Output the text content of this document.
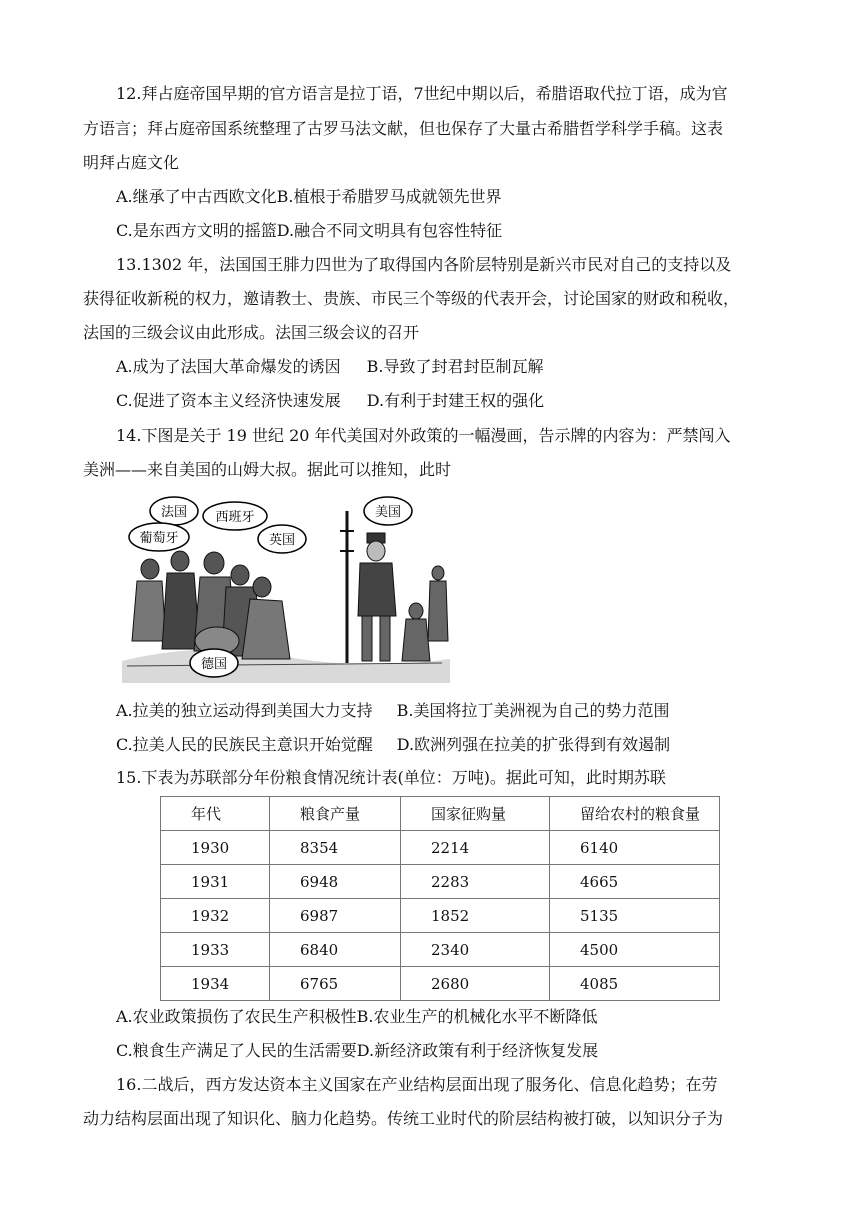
12.拜占庭帝国早期的官方语言是拉丁语，7世纪中期以后，希腊语取代拉丁语，成为官
方语言；拜占庭帝国系统整理了古罗马法文献，但也保存了大量古希腊哲学科学手稿。这表
明拜占庭文化
A.继承了中古西欧文化B.植根于希腊罗马成就领先世界
C.是东西方文明的摇篮D.融合不同文明具有包容性特征
13.1302 年，法国国王腓力四世为了取得国内各阶层特别是新兴市民对自己的支持以及
获得征收新税的权力，邀请教士、贵族、市民三个等级的代表开会，讨论国家的财政和税收，
法国的三级会议由此形成。法国三级会议的召开
A.成为了法国大革命爆发的诱因 B.导致了封君封臣制瓦解
C.促进了资本主义经济快速发展 D.有利于封建王权的强化
14.下图是关于 19 世纪 20 年代美国对外政策的一幅漫画，告示牌的内容为：严禁闯入
美洲——来自美国的山姆大叔。据此可以推知，此时
法国 西班牙
葡萄牙	英国
德国
美国
A.拉美的独立运动得到美国大力支持 B.美国将拉丁美洲视为自己的势力范围
C.拉美人民的民族民主意识开始觉醒 D.欧洲列强在拉美的扩张得到有效遏制
15.下表为苏联部分年份粮食情况统计表(单位：万吨)。据此可知，此时期苏联
年代	粮食产量	国家征购量	留给农村的粮食量
1930	8354	2214	6140
1931	6948	2283	4665
1932	6987	1852	5135
1933	6840	2340	4500
1934	6765	2680	4085
A.农业政策损伤了农民生产积极性B.农业生产的机械化水平不断降低
C.粮食生产满足了人民的生活需要D.新经济政策有利于经济恢复发展
16.二战后，西方发达资本主义国家在产业结构层面出现了服务化、信息化趋势；在劳
动力结构层面出现了知识化、脑力化趋势。传统工业时代的阶层结构被打破，以知识分子为
